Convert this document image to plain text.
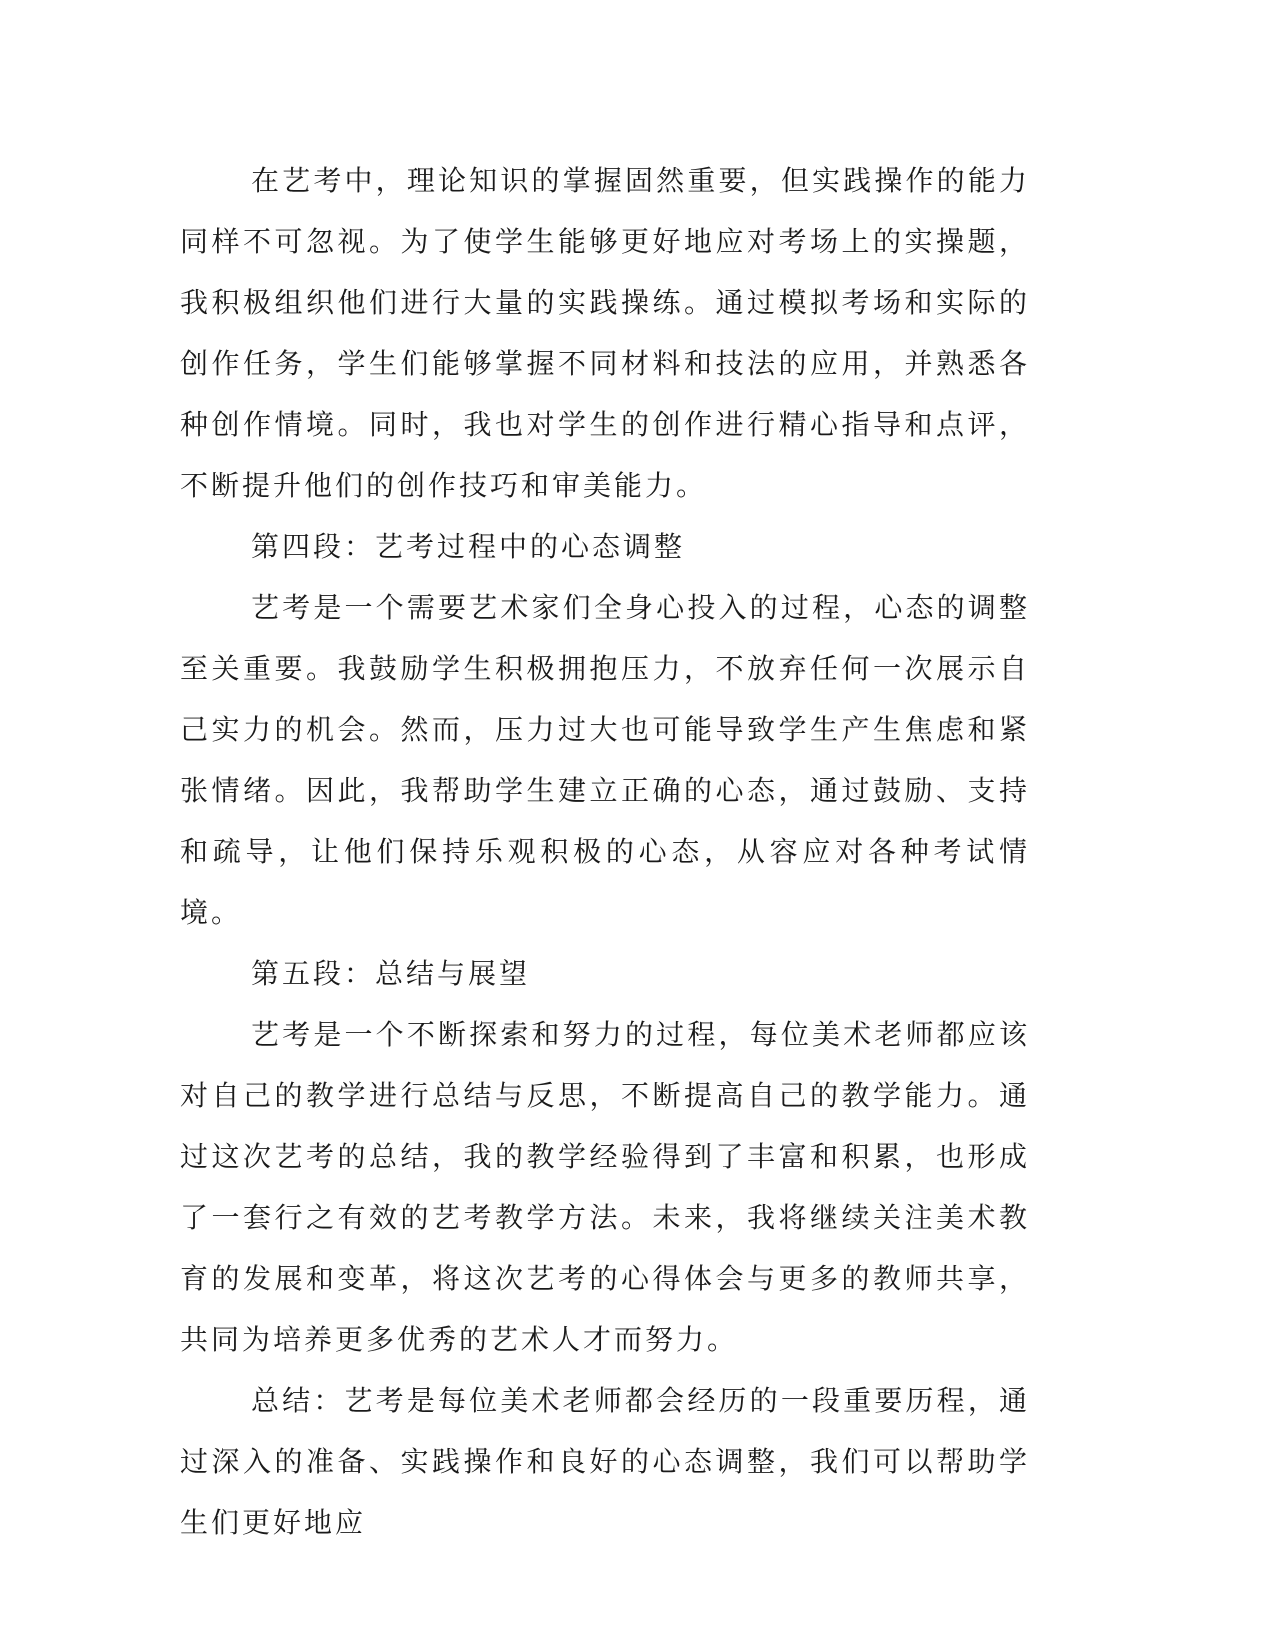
在艺考中，理论知识的掌握固然重要，但实践操作的能力同样不可忽视。为了使学生能够更好地应对考场上的实操题，我积极组织他们进行大量的实践操练。通过模拟考场和实际的创作任务，学生们能够掌握不同材料和技法的应用，并熟悉各种创作情境。同时，我也对学生的创作进行精心指导和点评，不断提升他们的创作技巧和审美能力。

第四段：艺考过程中的心态调整

艺考是一个需要艺术家们全身心投入的过程，心态的调整至关重要。我鼓励学生积极拥抱压力，不放弃任何一次展示自己实力的机会。然而，压力过大也可能导致学生产生焦虑和紧张情绪。因此，我帮助学生建立正确的心态，通过鼓励、支持和疏导，让他们保持乐观积极的心态，从容应对各种考试情境。

第五段：总结与展望

艺考是一个不断探索和努力的过程，每位美术老师都应该对自己的教学进行总结与反思，不断提高自己的教学能力。通过这次艺考的总结，我的教学经验得到了丰富和积累，也形成了一套行之有效的艺考教学方法。未来，我将继续关注美术教育的发展和变革，将这次艺考的心得体会与更多的教师共享，共同为培养更多优秀的艺术人才而努力。

总结：艺考是每位美术老师都会经历的一段重要历程，通过深入的准备、实践操作和良好的心态调整，我们可以帮助学生们更好地应
